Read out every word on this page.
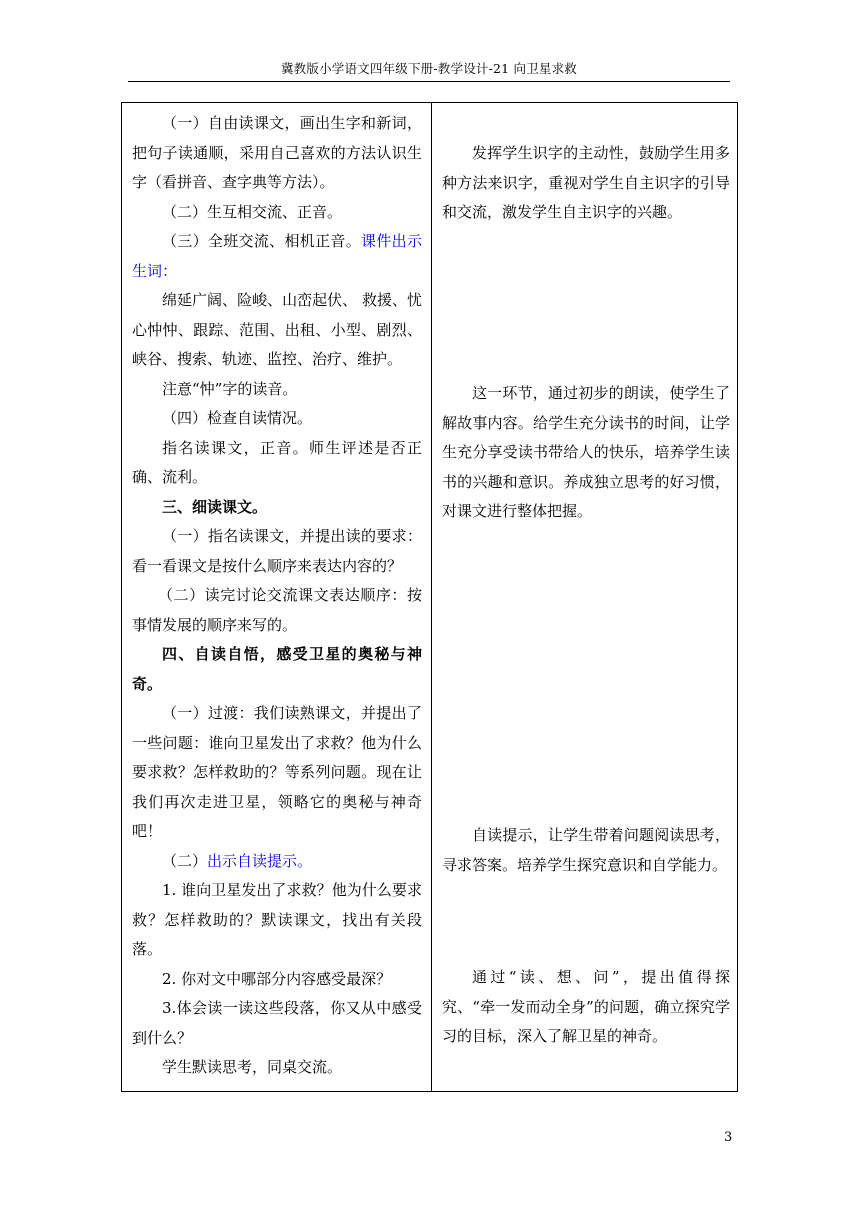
冀教版小学语文四年级下册-教学设计-21 向卫星求救

（一）自由读课文，画出生字和新词，把句子读通顺，采用自己喜欢的方法认识生字（看拼音、查字典等方法）。

（二）生互相交流、正音。

（三）全班交流、相机正音。课件出示生词：

绵延广阔、险峻、山峦起伏、 救援、忧心忡忡、跟踪、范围、出租、小型、剧烈、峡谷、搜索、轨迹、监控、治疗、维护。

注意“忡”字的读音。

（四）检查自读情况。

指名读课文，正音。师生评述是否正确、流利。

三、细读课文。

（一）指名读课文，并提出读的要求：看一看课文是按什么顺序来表达内容的？

（二）读完讨论交流课文表达顺序：按事情发展的顺序来写的。

四、自读自悟，感受卫星的奥秘与神奇。

（一）过渡：我们读熟课文，并提出了一些问题：谁向卫星发出了求救？他为什么要求救？怎样救助的？等系列问题。现在让我们再次走进卫星，领略它的奥秘与神奇吧！

（二）出示自读提示。

1. 谁向卫星发出了求救？他为什么要求救？怎样救助的？默读课文，找出有关段落。

2. 你对文中哪部分内容感受最深？

3.体会读一读这些段落，你又从中感受到什么？

学生默读思考，同桌交流。

发挥学生识字的主动性，鼓励学生用多种方法来识字，重视对学生自主识字的引导和交流，激发学生自主识字的兴趣。

这一环节，通过初步的朗读，使学生了解故事内容。给学生充分读书的时间，让学生充分享受读书带给人的快乐，培养学生读书的兴趣和意识。养成独立思考的好习惯，对课文进行整体把握。

自读提示，让学生带着问题阅读思考，寻求答案。培养学生探究意识和自学能力。

通过“读、想、问”，提出值得探究、“牵一发而动全身”的问题，确立探究学习的目标，深入了解卫星的神奇。

3
